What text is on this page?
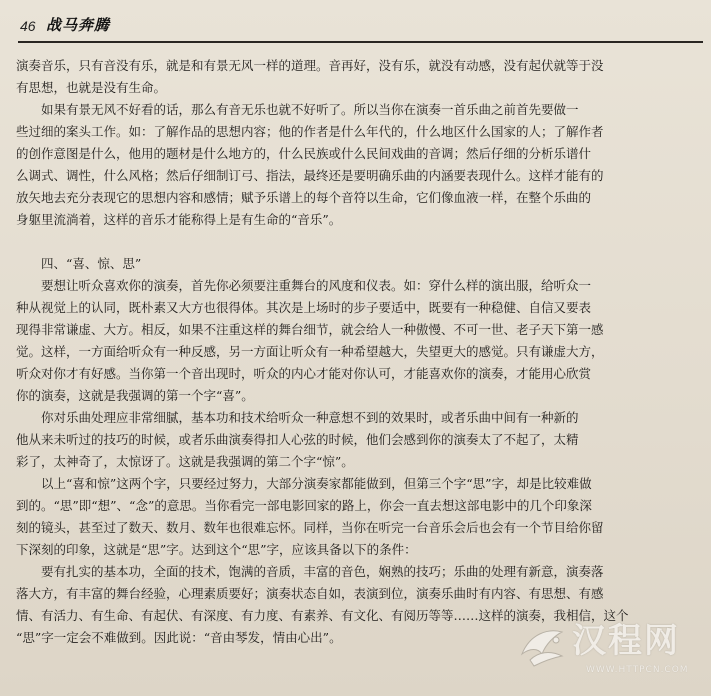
46 战马奔腾
演奏音乐，只有音没有乐，就是和有景无风一样的道理。音再好，没有乐，就没有动感，没有起伏就等于没
有思想，也就是没有生命。
　　如果有景无风不好看的话，那么有音无乐也就不好听了。所以当你在演奏一首乐曲之前首先要做一
些过细的案头工作。如：了解作品的思想内容；他的作者是什么年代的，什么地区什么国家的人；了解作者
的创作意图是什么，他用的题材是什么地方的，什么民族或什么民间戏曲的音调；然后仔细的分析乐谱什
么调式、调性，什么风格；然后仔细制订弓、指法，最终还是要明确乐曲的内涵要表现什么。这样才能有的
放矢地去充分表现它的思想内容和感情；赋予乐谱上的每个音符以生命，它们像血液一样，在整个乐曲的
身躯里流淌着，这样的音乐才能称得上是有生命的“音乐”。
　　四、“喜、惊、思”
　　要想让听众喜欢你的演奏，首先你必须要注重舞台的风度和仪表。如：穿什么样的演出服，给听众一
种从视觉上的认同，既朴素又大方也很得体。其次是上场时的步子要适中，既要有一种稳健、自信又要表
现得非常谦虚、大方。相反，如果不注重这样的舞台细节，就会给人一种傲慢、不可一世、老子天下第一感
觉。这样，一方面给听众有一种反感，另一方面让听众有一种希望越大，失望更大的感觉。只有谦虚大方，
听众对你才有好感。当你第一个音出现时，听众的内心才能对你认可，才能喜欢你的演奏，才能用心欣赏
你的演奏，这就是我强调的第一个字“喜”。
　　你对乐曲处理应非常细腻，基本功和技术给听众一种意想不到的效果时，或者乐曲中间有一种新的
他从来未听过的技巧的时候，或者乐曲演奏得扣人心弦的时候，他们会感到你的演奏太了不起了，太精
彩了，太神奇了，太惊讶了。这就是我强调的第二个字“惊”。
　　以上“喜和惊”这两个字，只要经过努力，大部分演奏家都能做到，但第三个字“思”字，却是比较难做
到的。“思”即“想”、“念”的意思。当你看完一部电影回家的路上，你会一直去想这部电影中的几个印象深
刻的镜头，甚至过了数天、数月、数年也很难忘怀。同样，当你在听完一台音乐会后也会有一个节目给你留
下深刻的印象，这就是“思”字。达到这个“思”字，应该具备以下的条件：
　　要有扎实的基本功，全面的技术，饱满的音质，丰富的音色，娴熟的技巧；乐曲的处理有新意，演奏落
落大方，有丰富的舞台经验，心理素质要好；演奏状态自如，表演到位，演奏乐曲时有内容、有思想、有感
情、有活力、有生命、有起伏、有深度、有力度、有素养、有文化、有阅历等等……这样的演奏，我相信，这个
“思”字一定会不难做到。因此说：“音由琴发，情由心出”。	汉程网
WWW.HTTPCN.COM
